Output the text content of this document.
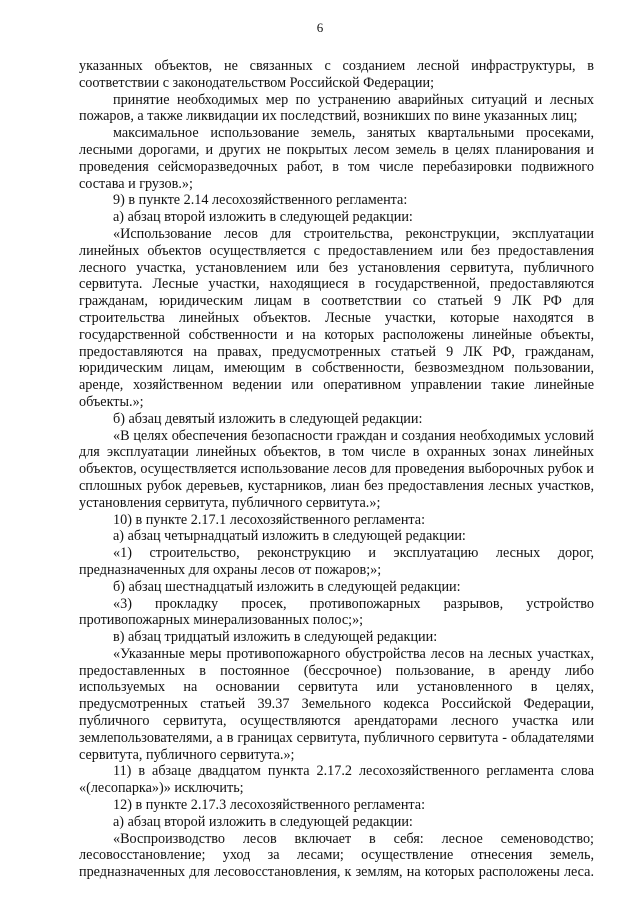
6

указанных объектов, не связанных с созданием лесной инфраструктуры, в соответствии с законодательством Российской Федерации;

принятие необходимых мер по устранению аварийных ситуаций и лесных пожаров, а также ликвидации их последствий, возникших по вине указанных лиц;

максимальное использование земель, занятых квартальными просеками, лесными дорогами, и других не покрытых лесом земель в целях планирования и проведения сейсморазведочных работ, в том числе перебазировки подвижного состава и грузов.»;

9) в пункте 2.14 лесохозяйственного регламента:

а) абзац второй изложить в следующей редакции:

«Использование лесов для строительства, реконструкции, эксплуатации линейных объектов осуществляется с предоставлением или без предоставления лесного участка, установлением или без установления сервитута, публичного сервитута. Лесные участки, находящиеся в государственной, предоставляются гражданам, юридическим лицам в соответствии со статьей 9 ЛК РФ для строительства линейных объектов. Лесные участки, которые находятся в государственной собственности и на которых расположены линейные объекты, предоставляются на правах, предусмотренных статьей 9 ЛК РФ, гражданам, юридическим лицам, имеющим в собственности, безвозмездном пользовании, аренде, хозяйственном ведении или оперативном управлении такие линейные объекты.»;

б) абзац девятый изложить в следующей редакции:

«В целях обеспечения безопасности граждан и создания необходимых условий для эксплуатации линейных объектов, в том числе в охранных зонах линейных объектов, осуществляется использование лесов для проведения выборочных рубок и сплошных рубок деревьев, кустарников, лиан без предоставления лесных участков, установления сервитута, публичного сервитута.»;

10) в пункте 2.17.1 лесохозяйственного регламента:

а) абзац четырнадцатый изложить в следующей редакции:

«1) строительство, реконструкцию и эксплуатацию лесных дорог, предназначенных для охраны лесов от пожаров;»;

б) абзац шестнадцатый изложить в следующей редакции:

«3) прокладку просек, противопожарных разрывов, устройство противопожарных минерализованных полос;»;

в) абзац тридцатый изложить в следующей редакции:

«Указанные меры противопожарного обустройства лесов на лесных участках, предоставленных в постоянное (бессрочное) пользование, в аренду либо используемых на основании сервитута или установленного в целях, предусмотренных статьей 39.37 Земельного кодекса Российской Федерации, публичного сервитута, осуществляются арендаторами лесного участка или землепользователями, а в границах сервитута, публичного сервитута - обладателями сервитута, публичного сервитута.»;

11) в абзаце двадцатом пункта 2.17.2 лесохозяйственного регламента слова «(лесопарка»)» исключить;

12) в пункте 2.17.3 лесохозяйственного регламента:

а) абзац второй изложить в следующей редакции:

«Воспроизводство лесов включает в себя: лесное семеноводство; лесовосстановление; уход за лесами; осуществление отнесения земель, предназначенных для лесовосстановления, к землям, на которых расположены леса.
